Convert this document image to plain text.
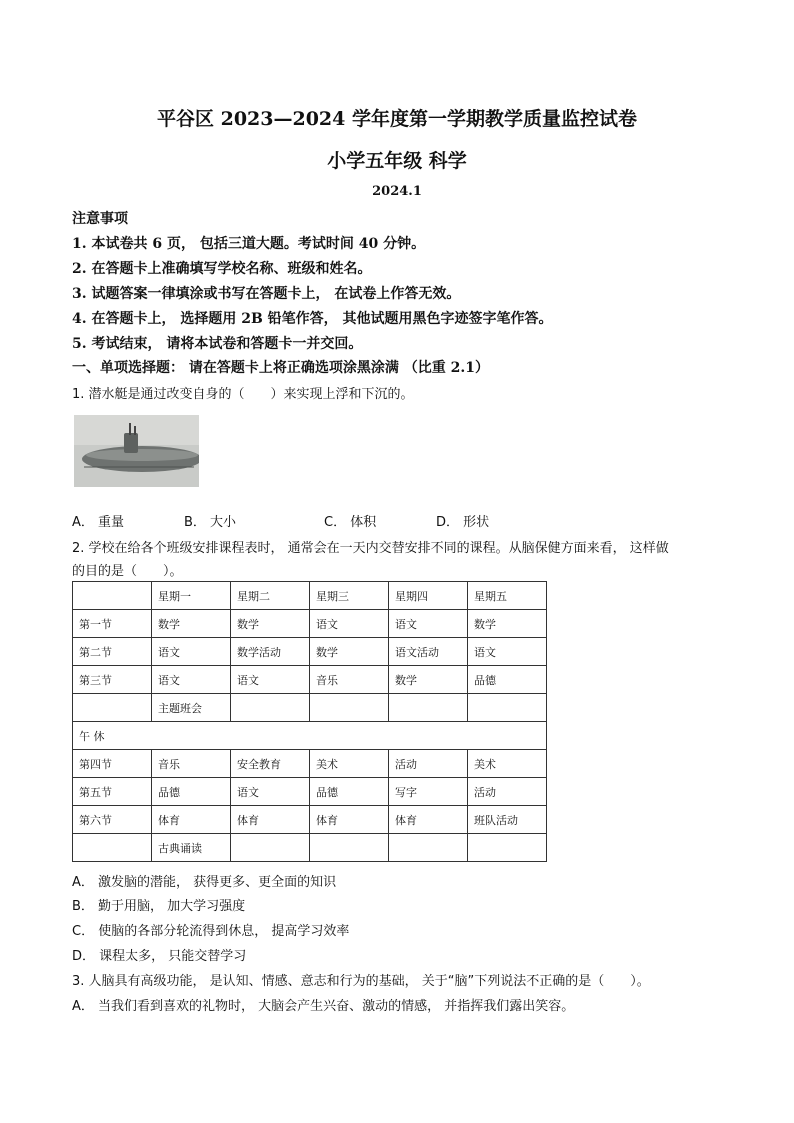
平谷区 2023—2024 学年度第一学期教学质量监控试卷
小学五年级 科学
2024.1
注意事项
1. 本试卷共 6 页， 包括三道大题。考试时间 40 分钟。
2. 在答题卡上准确填写学校名称、班级和姓名。
3. 试题答案一律填涂或书写在答题卡上， 在试卷上作答无效。
4. 在答题卡上， 选择题用 2B 铅笔作答， 其他试题用黑色字迹签字笔作答。
5. 考试结束， 请将本试卷和答题卡一并交回。
一、单项选择题： 请在答题卡上将正确选项涂黑涂满 （比重 2.1）
1. 潜水艇是通过改变自身的（　　）来实现上浮和下沉的。
A． 重量	B． 大小	C． 体积	D． 形状
2. 学校在给各个班级安排课程表时， 通常会在一天内交替安排不同的课程。从脑保健方面来看， 这样做
的目的是（　　）。
	星期一	星期二	星期三	星期四	星期五
第一节	数学	数学	语文	语文	数学
第二节	语文	数学活动	数学	语文活动	语文
第三节	语文	语文	音乐	数学	品德
	主题班会				
午 休					
第四节	音乐	安全教育	美术	活动	美术
第五节	品德	语文	品德	写字	活动
第六节	体育	体育	体育	体育	班队活动
	古典诵读				
A． 激发脑的潜能， 获得更多、更全面的知识
B． 勤于用脑， 加大学习强度
C． 使脑的各部分轮流得到休息， 提高学习效率
D． 课程太多， 只能交替学习
3. 人脑具有高级功能， 是认知、情感、意志和行为的基础， 关于“脑”下列说法不正确的是（　　）。
A． 当我们看到喜欢的礼物时， 大脑会产生兴奋、激动的情感， 并指挥我们露出笑容。
